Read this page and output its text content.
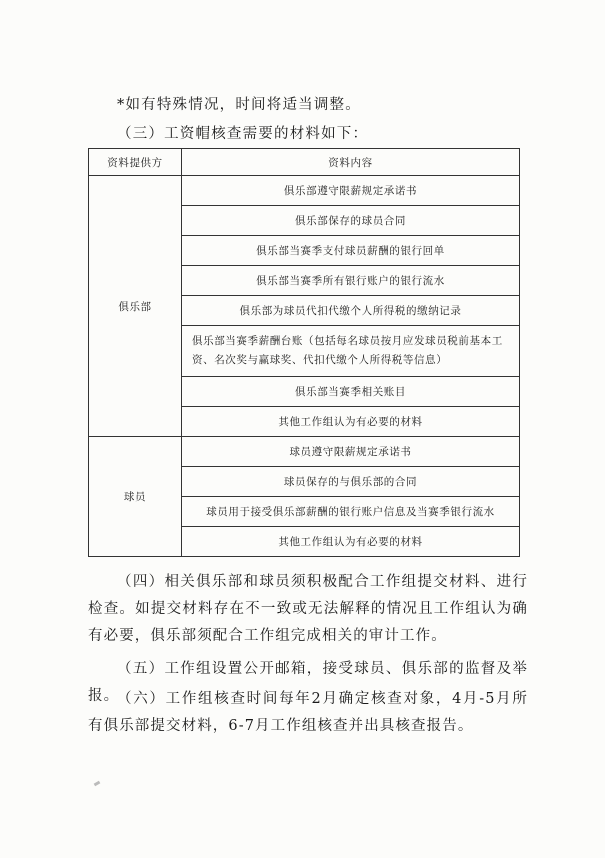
*如有特殊情况，时间将适当调整。
（三）工资帽核查需要的材料如下：
资料提供方	资料内容
俱乐部	俱乐部遵守限薪规定承诺书
	俱乐部保存的球员合同
	俱乐部当赛季支付球员薪酬的银行回单
	俱乐部当赛季所有银行账户的银行流水
	俱乐部为球员代扣代缴个人所得税的缴纳记录
	俱乐部当赛季薪酬台账（包括每名球员按月应发球员税前基本工资、名次奖与赢球奖、代扣代缴个人所得税等信息）
	俱乐部当赛季相关账目
	其他工作组认为有必要的材料
球员	球员遵守限薪规定承诺书
	球员保存的与俱乐部的合同
	球员用于接受俱乐部薪酬的银行账户信息及当赛季银行流水
	其他工作组认为有必要的材料
（四）相关俱乐部和球员须积极配合工作组提交材料、进行检查。如提交材料存在不一致或无法解释的情况且工作组认为确有必要，俱乐部须配合工作组完成相关的审计工作。
（五）工作组设置公开邮箱，接受球员、俱乐部的监督及举报。
（六）工作组核查时间每年2月确定核查对象，4月-5月所有俱乐部提交材料，6-7月工作组核查并出具核查报告。
